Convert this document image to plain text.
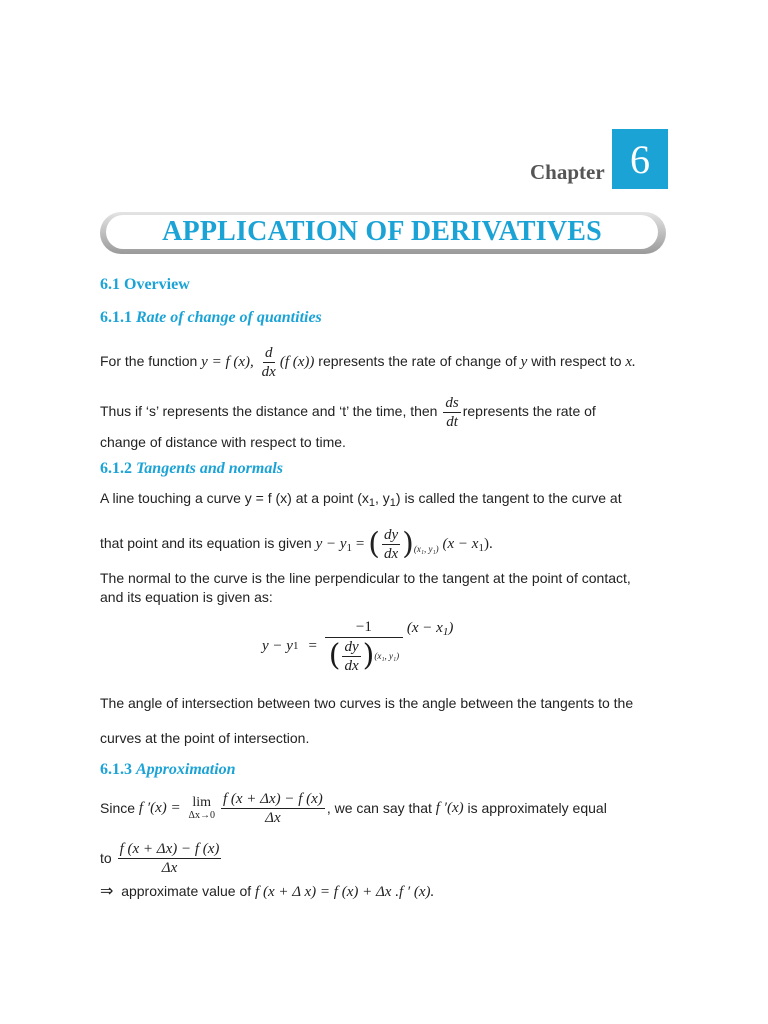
Chapter 6
APPLICATION OF DERIVATIVES
6.1 Overview
6.1.1 Rate of change of quantities
For the function y = f (x), $\frac{d}{dx} (f$ (x)) represents the rate of change of y with respect to x.
Thus if ‘s’ represents the distance and ‘t’ the time, then $\frac{ds}{dt}$ represents the rate of
change of distance with respect to time.
6.1.2 Tangents and normals
A line touching a curve y = f (x) at a point ($x_1$, $y_1$) is called the tangent to the curve at
that point and its equation is given $y - y_1$ = ( $\frac{dy}{dx} )_{(x_1, y_1)}$ $(x - x_1)$.
The normal to the curve is the line perpendicular to the tangent at the point of contact,
and its equation is given as:
y − y $1 = \frac{-1}{( \frac{dy}{dx} ) (x_1, y_1)} (x - x_1)$
The angle of intersection between two curves is the angle between the tangents to the
curves at the point of intersection.
6.1.3 Approximation
Since
f ′(x) =
lim
$\Delta x\to 0 \frac{f (x + \Delta x) - f (x)}{\Delta x}$ , we can say that
f ′(x)
is approximately equal
to
$\frac{f (x + \Delta x) - f (x)}{\Delta x}$
⇒ approximate value of f (x + Δ x) = f (x) + Δx .f ′ (x).
